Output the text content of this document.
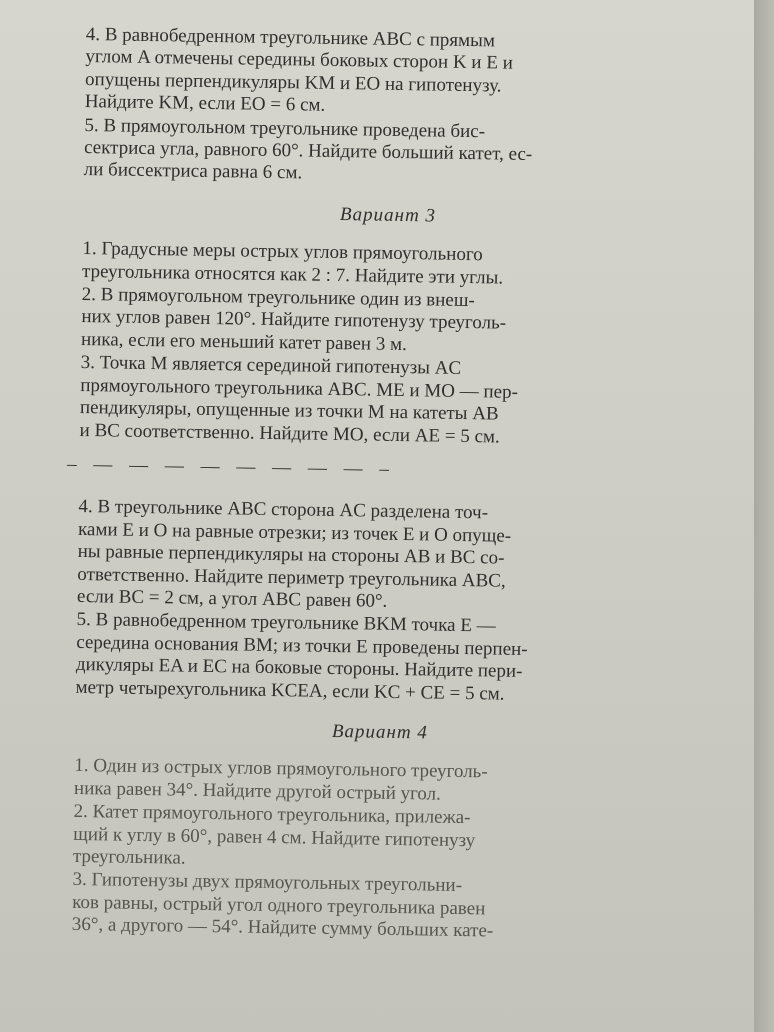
4. В равнобедренном треугольнике ABC с прямым
углом A отмечены середины боковых сторон K и E и
опущены перпендикуляры KM и EO на гипотенузу.
Найдите KM, если EO = 6 см.
5. В прямоугольном треугольнике проведена бис-
сектриса угла, равного 60°. Найдите больший катет, ес-
ли биссектриса равна 6 см.
Вариант 3
1. Градусные меры острых углов прямоугольного
треугольника относятся как 2 : 7. Найдите эти углы.
2. В прямоугольном треугольнике один из внеш-
них углов равен 120°. Найдите гипотенузу треуголь-
ника, если его меньший катет равен 3 м.
3. Точка M является серединой гипотенузы AC
прямоугольного треугольника ABC. ME и MO — пер-
пендикуляры, опущенные из точки M на катеты AB
и BC соответственно. Найдите MO, если AE = 5 см.
– — — — — — — — — –
4. В треугольнике ABC сторона AC разделена точ-
ками E и O на равные отрезки; из точек E и O опуще-
ны равные перпендикуляры на стороны AB и BC со-
ответственно. Найдите периметр треугольника ABC,
если BC = 2 см, а угол ABC равен 60°.
5. В равнобедренном треугольнике BKM точка E —
середина основания BM; из точки E проведены перпен-
дикуляры EA и EC на боковые стороны. Найдите пери-
метр четырехугольника KCEA, если KC + CE = 5 см.
Вариант 4
1. Один из острых углов прямоугольного треуголь-
ника равен 34°. Найдите другой острый угол.
2. Катет прямоугольного треугольника, прилежа-
щий к углу в 60°, равен 4 см. Найдите гипотенузу
треугольника.
3. Гипотенузы двух прямоугольных треугольни-
ков равны, острый угол одного треугольника равен
36°, а другого — 54°. Найдите сумму больших кате-
